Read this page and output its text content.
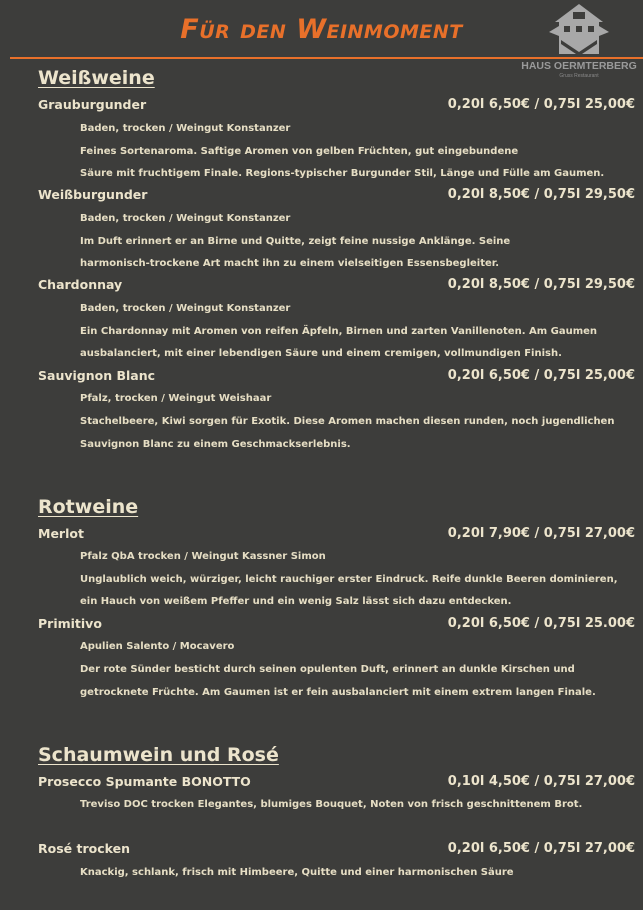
Für den Weinmoment
HAUS OERMTERBERG
Gruss Restaurant
Weißweine
Grauburgunder	0,20l 6,50€ / 0,75l 25,00€
Baden, trocken / Weingut Konstanzer
Feines Sortenaroma. Saftige Aromen von gelben Früchten, gut eingebundene
Säure mit fruchtigem Finale. Regions-typischer Burgunder Stil, Länge und Fülle am Gaumen.
Weißburgunder	0,20l 8,50€ / 0,75l 29,50€
Baden, trocken / Weingut Konstanzer
Im Duft erinnert er an Birne und Quitte, zeigt feine nussige Anklänge. Seine
harmonisch-trockene Art macht ihn zu einem vielseitigen Essensbegleiter.
Chardonnay	0,20l 8,50€ / 0,75l 29,50€
Baden, trocken / Weingut Konstanzer
Ein Chardonnay mit Aromen von reifen Äpfeln, Birnen und zarten Vanillenoten. Am Gaumen
ausbalanciert, mit einer lebendigen Säure und einem cremigen, vollmundigen Finish.
Sauvignon Blanc	0,20l 6,50€ / 0,75l 25,00€
Pfalz, trocken / Weingut Weishaar
Stachelbeere, Kiwi sorgen für Exotik. Diese Aromen machen diesen runden, noch jugendlichen
Sauvignon Blanc zu einem Geschmackserlebnis.
Rotweine
Merlot	0,20l 7,90€ / 0,75l 27,00€
Pfalz QbA trocken / Weingut Kassner Simon
Unglaublich weich, würziger, leicht rauchiger erster Eindruck. Reife dunkle Beeren dominieren,
ein Hauch von weißem Pfeffer und ein wenig Salz lässt sich dazu entdecken.
Primitivo	0,20l 6,50€ / 0,75l 25.00€
Apulien Salento / Mocavero
Der rote Sünder besticht durch seinen opulenten Duft, erinnert an dunkle Kirschen und
getrocknete Früchte. Am Gaumen ist er fein ausbalanciert mit einem extrem langen Finale.
Schaumwein und Rosé
Prosecco Spumante BONOTTO	0,10l 4,50€ / 0,75l 27,00€
Treviso DOC trocken Elegantes, blumiges Bouquet, Noten von frisch geschnittenem Brot.
Rosé trocken	0,20l 6,50€ / 0,75l 27,00€
Knackig, schlank, frisch mit Himbeere, Quitte und einer harmonischen Säure
